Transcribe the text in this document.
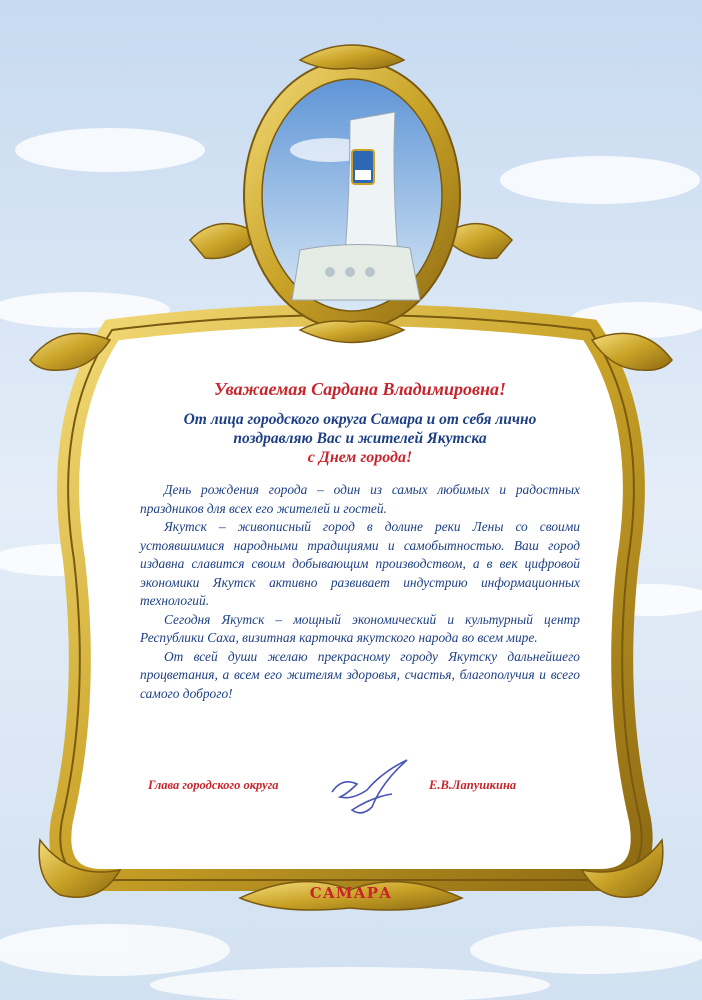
Уважаемая Сардана Владимировна!
От лица городского округа Самара и от себя лично
поздравляю Вас и жителей Якутска
с Днем города!

День рождения города – один из самых любимых и радостных праздников для всех его жителей и гостей.

Якутск – живописный город в долине реки Лены со своими устоявшимися народными традициями и самобытностью. Ваш город издавна славится своим добывающим производством, а в век цифровой экономики Якутск активно развивает индустрию информационных технологий.

Сегодня Якутск – мощный экономический и культурный центр Республики Саха, визитная карточка якутского народа во всем мире.

От всей души желаю прекрасному городу Якутску дальнейшего процветания, а всем его жителям здоровья, счастья, благополучия и всего самого доброго!

Глава городского округа	Е.В.Лапушкина
САМАРА
